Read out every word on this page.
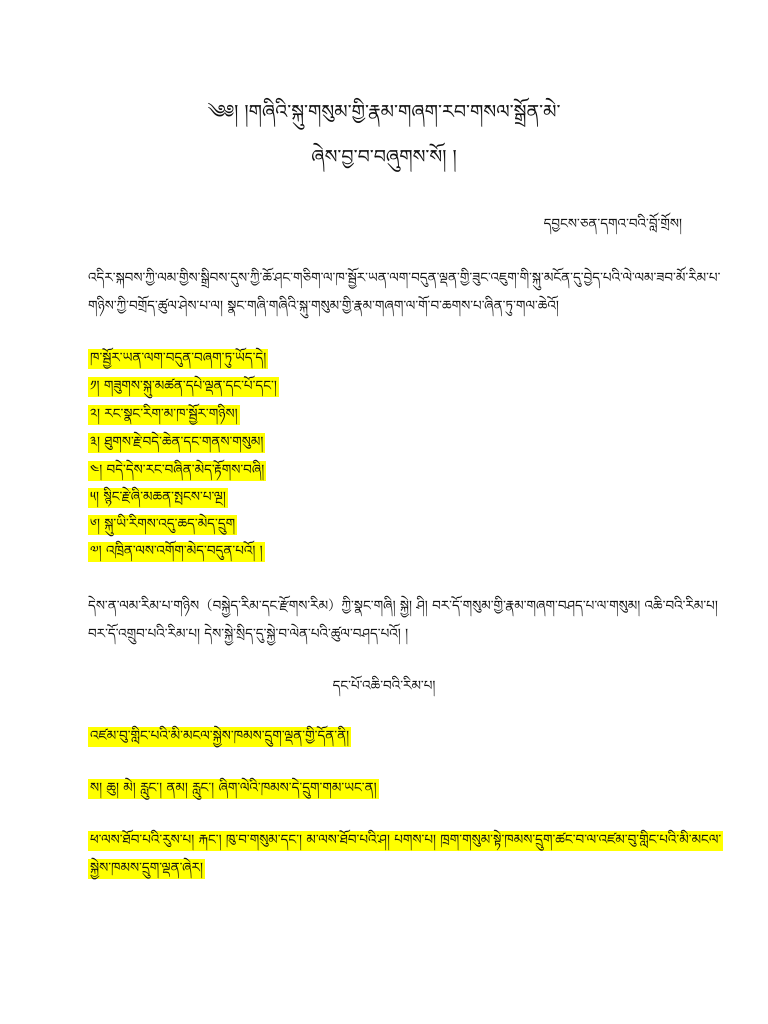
༄༅། །གཞིའི་སྐུ་གསུམ་གྱི་རྣམ་གཞག་རབ་གསལ་སྒྲོན་མེ་
ཞེས་བྱ་བ་བཞུགས་སོ། །
དབྱངས་ཅན་དགའ་བའི་བློ་གྲོས།
འདིར་སྐབས་ཀྱི་ལམ་གྱིས་སྒྲིབས་དུས་ཀྱི་ཆོ་ཤང་གཅིག་ལ་ཁ་སྦྱོར་ཡན་ལག་བདུན་ལྡན་གྱི་ཟུང་འཇུག་གི་སྐུ་མངོན་དུ་བྱེད་པའི་ལེ་ལམ་ཟབ་མོ་རིམ་པ་
གཉིས་ཀྱི་བགྲོད་ཚུལ་ཤེས་པ་ལ། སྣང་གཞི་གཞིའི་སྐུ་གསུམ་གྱི་རྣམ་གཞག་ལ་གོ་བ་ཆགས་པ་ཞིན་ཏུ་གལ་ཆེའོ།
ཁ་སྦྱོར་ཡན་ལག་བདུན་བཞག་ཏུ་ཡོད་དེ།
༡། གཟུགས་སྐུ་མཚན་དཔེ་ལྡན་དང་པོ་དང་།
༢། རང་སྣང་རིག་མ་ཁ་སྦྱོར་གཉིས།
༣། ཐུགས་རྗེ་བདེ་ཆེན་དང་གནས་གསུམ།
༤། བདེ་དེས་རང་བཞིན་མེད་རྟོགས་བཞི།
༥། སྙིང་རྗེ་ཞི་མཆན་སྤངས་པ་ལྔ།
༦། སྐུ་ཡི་རིགས་འདུ་ཆད་མེད་དྲུག
༧། འཁྲིན་ལས་འགོག་མེད་བདུན་པའོ། །
དེས་ན་ལམ་རིམ་པ་གཉིས（བསྐྱེད་རིམ་དང་རྫོགས་རིམ）ཀྱི་སྣང་གཞི། སྐྱེ། ཤི། བར་དོ་གསུམ་གྱི་རྣམ་གཞག་བཤད་པ་ལ་གསུམ། འཆི་བའི་རིམ་པ།
བར་དོ་འགྲུབ་པའི་རིམ་པ། དེས་སྐྱེ་སྲིད་དུ་སྐྱེ་བ་ལེན་པའི་ཚུལ་བཤད་པའོ། །
དང་པོ་འཆི་བའི་རིམ་པ།
འཛམ་བུ་གླིང་པའི་མི་མངལ་སྐྱེས་ཁམས་དྲུག་ལྡན་གྱི་དོན་ནི།
ས། ཆུ། མེ། རླུང་། ནམ། རླུང་། ཞིག་ལེའི་ཁམས་དེ་དྲུག་གམ་ཡང་ན།
ཕ་ལས་ཐོབ་པའི་རུས་པ། རྐང་། ཁུ་བ་གསུམ་དང་། མ་ལས་ཐོབ་པའི་ཤ། པགས་པ། ཁྲག་གསུམ་སྟེ་ཁམས་དྲུག་ཚང་བ་ལ་འཛམ་བུ་གླིང་པའི་མི་མངལ་
སྐྱེས་ཁམས་དྲུག་ལྡན་ཞེར།
